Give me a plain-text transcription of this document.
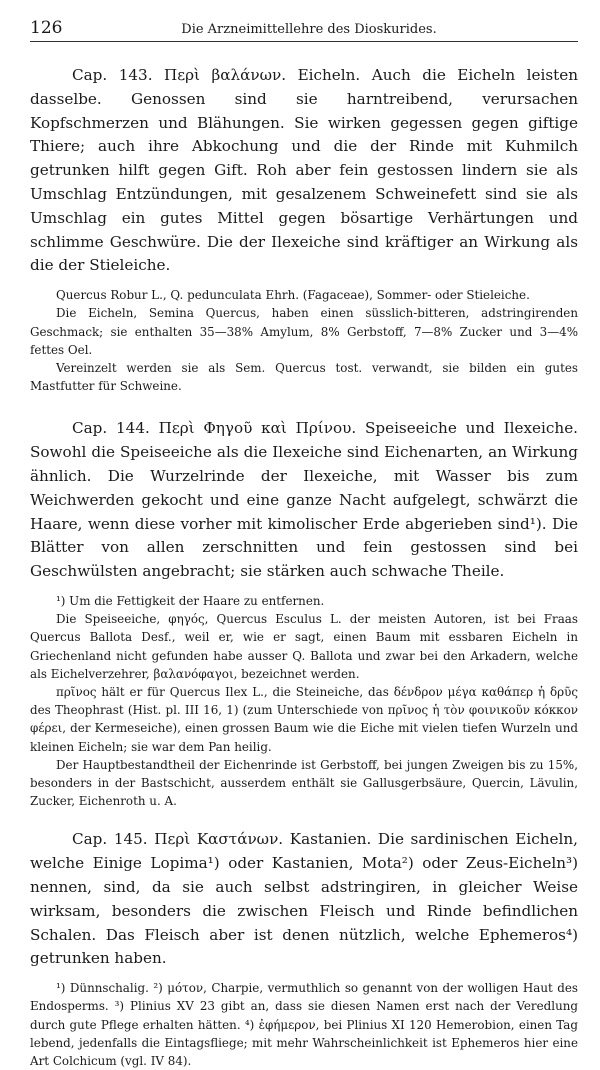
126	Die Arzneimittellehre des Dioskurides.

Cap. 143. Περὶ βαλάνων. Eicheln. Auch die Eicheln leisten dasselbe. Genossen sind sie harntreibend, verursachen Kopfschmerzen und Blähungen. Sie wirken gegessen gegen giftige Thiere; auch ihre Abkochung und die der Rinde mit Kuhmilch getrunken hilft gegen Gift. Roh aber fein gestossen lindern sie als Umschlag Entzündungen, mit gesalzenem Schweinefett sind sie als Umschlag ein gutes Mittel gegen bösartige Verhärtungen und schlimme Geschwüre. Die der Ilexeiche sind kräftiger an Wirkung als die der Stieleiche.

Quercus Robur L., Q. pedunculata Ehrh. (Fagaceae), Sommer- oder Stieleiche.

Die Eicheln, Semina Quercus, haben einen süsslich-bitteren, adstringirenden Geschmack; sie enthalten 35—38% Amylum, 8% Gerbstoff, 7—8% Zucker und 3—4% fettes Oel.

Vereinzelt werden sie als Sem. Quercus tost. verwandt, sie bilden ein gutes Mastfutter für Schweine.

Cap. 144. Περὶ Φηγοῦ καὶ Πρίνου. Speiseeiche und Ilexeiche. Sowohl die Speiseeiche als die Ilexeiche sind Eichenarten, an Wirkung ähnlich. Die Wurzelrinde der Ilexeiche, mit Wasser bis zum Weichwerden gekocht und eine ganze Nacht aufgelegt, schwärzt die Haare, wenn diese vorher mit kimolischer Erde abgerieben sind¹). Die Blätter von allen zerschnitten und fein gestossen sind bei Geschwülsten angebracht; sie stärken auch schwache Theile.

¹) Um die Fettigkeit der Haare zu entfernen.

Die Speiseeiche, φηγός, Quercus Esculus L. der meisten Autoren, ist bei Fraas Quercus Ballota Desf., weil er, wie er sagt, einen Baum mit essbaren Eicheln in Griechenland nicht gefunden habe ausser Q. Ballota und zwar bei den Arkadern, welche als Eichelverzehrer, βαλανόφαγοι, bezeichnet werden.

πρῖνος hält er für Quercus Ilex L., die Steineiche, das δένδρον μέγα καθάπερ ἡ δρῦς des Theophrast (Hist. pl. III 16, 1) (zum Unterschiede von πρῖνος ἡ τὸν φοινικοῦν κόκκον φέρει, der Kermeseiche), einen grossen Baum wie die Eiche mit vielen tiefen Wurzeln und kleinen Eicheln; sie war dem Pan heilig.

Der Hauptbestandtheil der Eichenrinde ist Gerbstoff, bei jungen Zweigen bis zu 15%, besonders in der Bastschicht, ausserdem enthält sie Gallusgerbsäure, Quercin, Lävulin, Zucker, Eichenroth u. A.

Cap. 145. Περὶ Καστάνων. Kastanien. Die sardinischen Eicheln, welche Einige Lopima¹) oder Kastanien, Mota²) oder Zeus-Eicheln³) nennen, sind, da sie auch selbst adstringiren, in gleicher Weise wirksam, besonders die zwischen Fleisch und Rinde befindlichen Schalen. Das Fleisch aber ist denen nützlich, welche Ephemeros⁴) getrunken haben.

¹) Dünnschalig. ²) μότον, Charpie, vermuthlich so genannt von der wolligen Haut des Endosperms. ³) Plinius XV 23 gibt an, dass sie diesen Namen erst nach der Veredlung durch gute Pflege erhalten hätten. ⁴) ἐφήμερον, bei Plinius XI 120 Hemerobion, einen Tag lebend, jedenfalls die Eintagsfliege; mit mehr Wahrscheinlichkeit ist Ephemeros hier eine Art Colchicum (vgl. IV 84).
